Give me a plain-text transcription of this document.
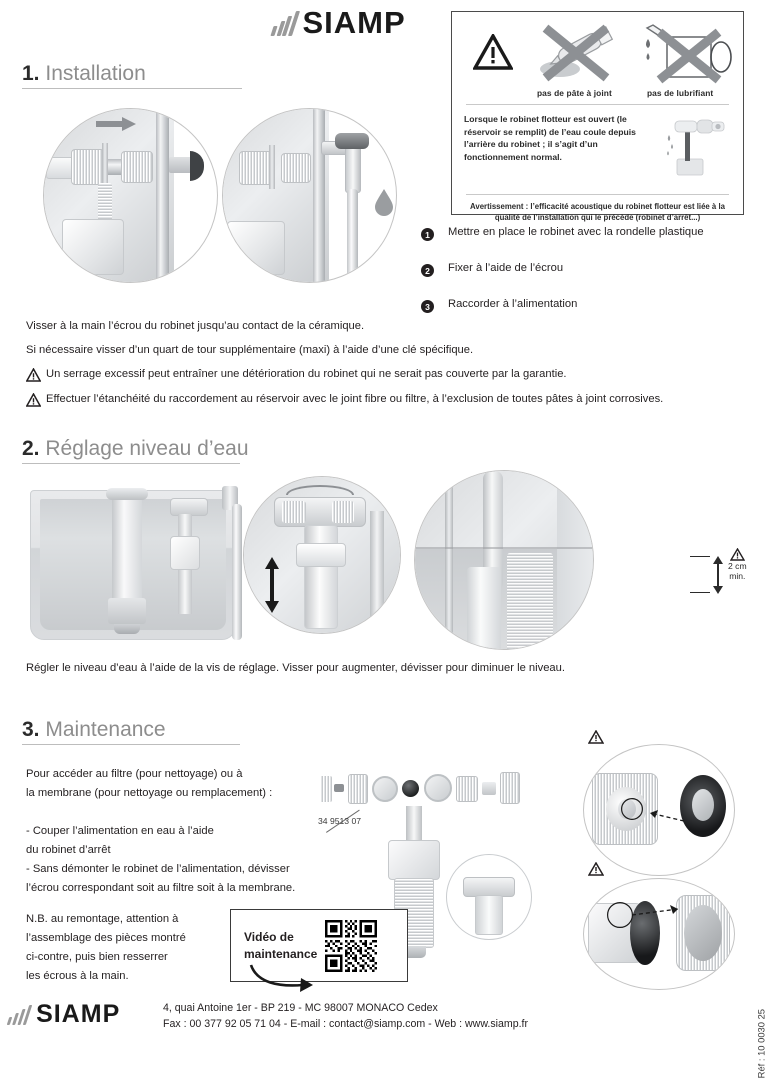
SIAMP
pas de pâte à joint	pas de lubrifiant

Lorsque le robinet flotteur est ouvert (le réservoir se remplit) de l’eau coule depuis l’arrière du robinet ; il s’agit d’un fonctionnement normal.

Avertissement : l’efficacité acoustique du robinet flotteur est liée à la qualité de l’installation qui le précède (robinet d’arrêt...)
1. Installation
1	Mettre en place le robinet avec la rondelle plastique
2	Fixer à l’aide de l’écrou
3	Raccorder à l’alimentation
Visser à la main l’écrou du robinet jusqu’au contact de la céramique.
Si nécessaire visser d’un quart de tour supplémentaire (maxi) à l’aide d’une clé spécifique.
Un serrage excessif peut entraîner une détérioration du robinet qui ne serait pas couverte par la garantie.
Effectuer l’étanchéité du raccordement au réservoir avec le joint fibre ou filtre, à l’exclusion de toutes pâtes à joint corrosives.
2. Réglage niveau d’eau
2 cm
min.
Régler le niveau d’eau à l’aide de la vis de réglage. Visser pour augmenter, dévisser pour diminuer le niveau.
3. Maintenance
Pour accéder au filtre (pour nettoyage) ou à
la membrane (pour nettoyage ou remplacement) :
- Couper l’alimentation en eau à l’aide
du robinet d’arrêt
- Sans démonter le robinet de l’alimentation, dévisser
l’écrou correspondant soit au filtre soit à la membrane.
N.B. au remontage, attention à
l’assemblage des pièces montré
ci-contre, puis bien resserrer
les écrous à la main.
34 9513 07
Vidéo de
maintenance
SIAMP	4, quai Antoine 1er - BP 219 - MC 98007 MONACO Cedex
Fax : 00 377 92 05 71 04 - E-mail : contact@siamp.com - Web : www.siamp.fr	Réf : 10 0030 25
